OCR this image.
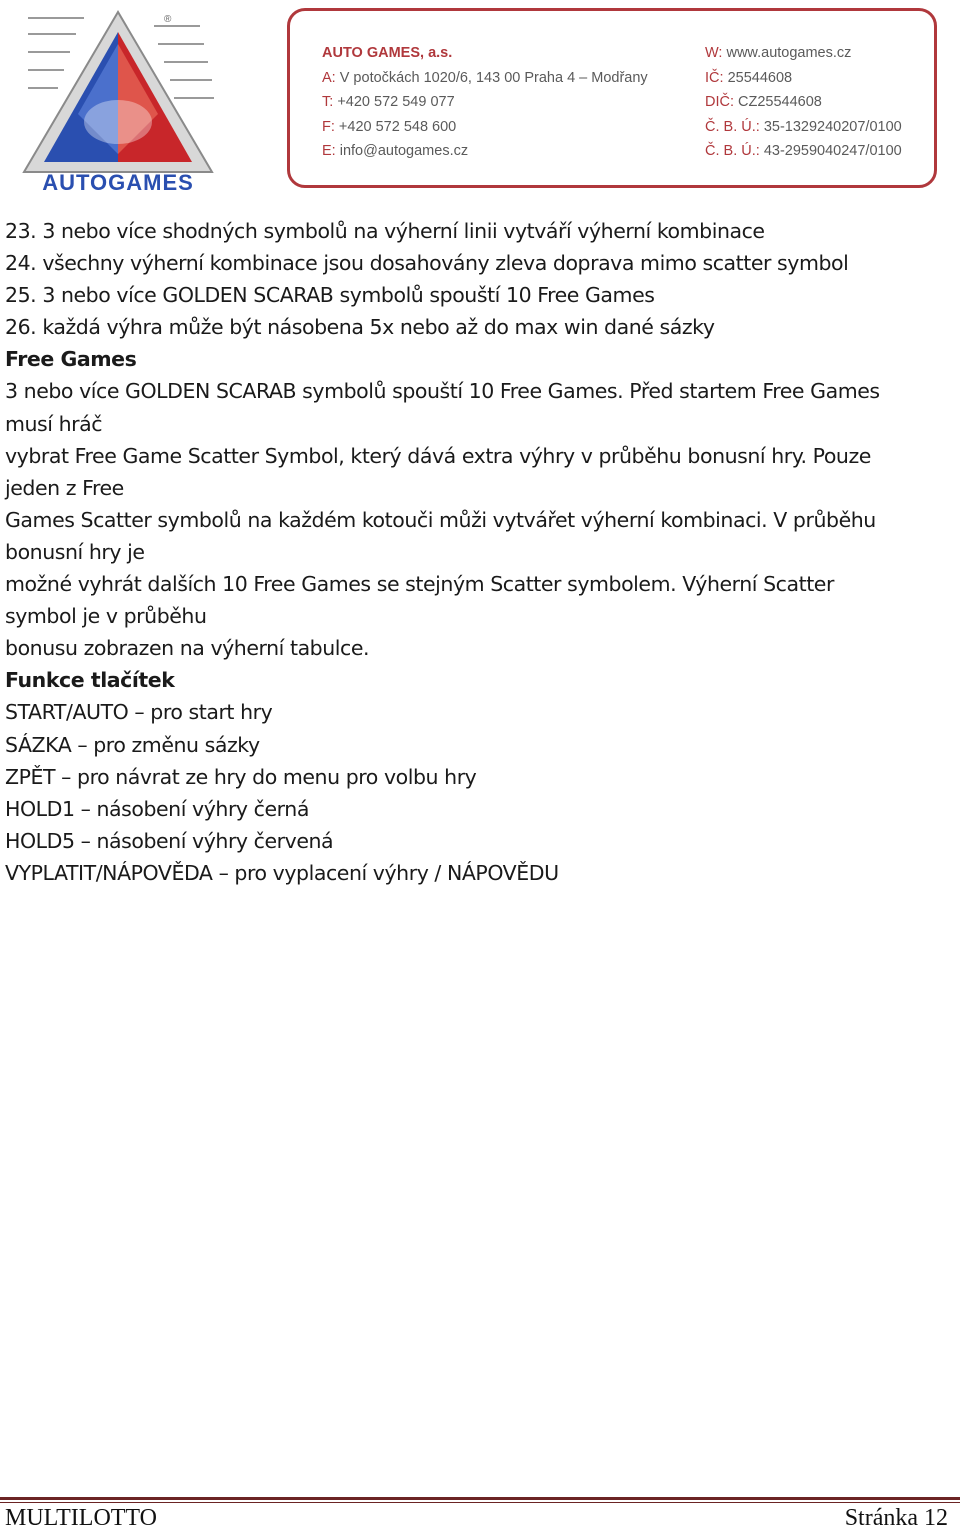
®
AUTOGAMES
AUTO GAMES, a.s.
A: V potočkách 1020/6, 143 00 Praha 4 – Modřany
T: +420 572 549 077
F: +420 572 548 600
E: info@autogames.cz
W: www.autogames.cz
IČ: 25544608
DIČ: CZ25544608
Č. B. Ú.: 35-1329240207/0100
Č. B. Ú.: 43-2959040247/0100

23. 3 nebo více shodných symbolů na výherní linii vytváří výherní kombinace

24. všechny výherní kombinace jsou dosahovány zleva doprava mimo scatter symbol

25. 3 nebo více GOLDEN SCARAB symbolů spouští 10 Free Games

26. každá výhra může být násobena 5x nebo až do max win dané sázky

Free Games

3 nebo více GOLDEN SCARAB symbolů spouští 10 Free Games. Před startem Free Games

musí hráč

vybrat Free Game Scatter Symbol, který dává extra výhry v průběhu bonusní hry. Pouze

jeden z Free

Games Scatter symbolů na každém kotouči můži vytvářet výherní kombinaci. V průběhu

bonusní hry je

možné vyhrát dalších 10 Free Games se stejným Scatter symbolem. Výherní Scatter

symbol je v průběhu

bonusu zobrazen na výherní tabulce.

Funkce tlačítek

START/AUTO – pro start hry

SÁZKA – pro změnu sázky

ZPĚT – pro návrat ze hry do menu pro volbu hry

HOLD1 – násobení výhry černá

HOLD5 – násobení výhry červená

VYPLATIT/NÁPOVĚDA – pro vyplacení výhry / NÁPOVĚDU

MULTILOTTO	Stránka 12
